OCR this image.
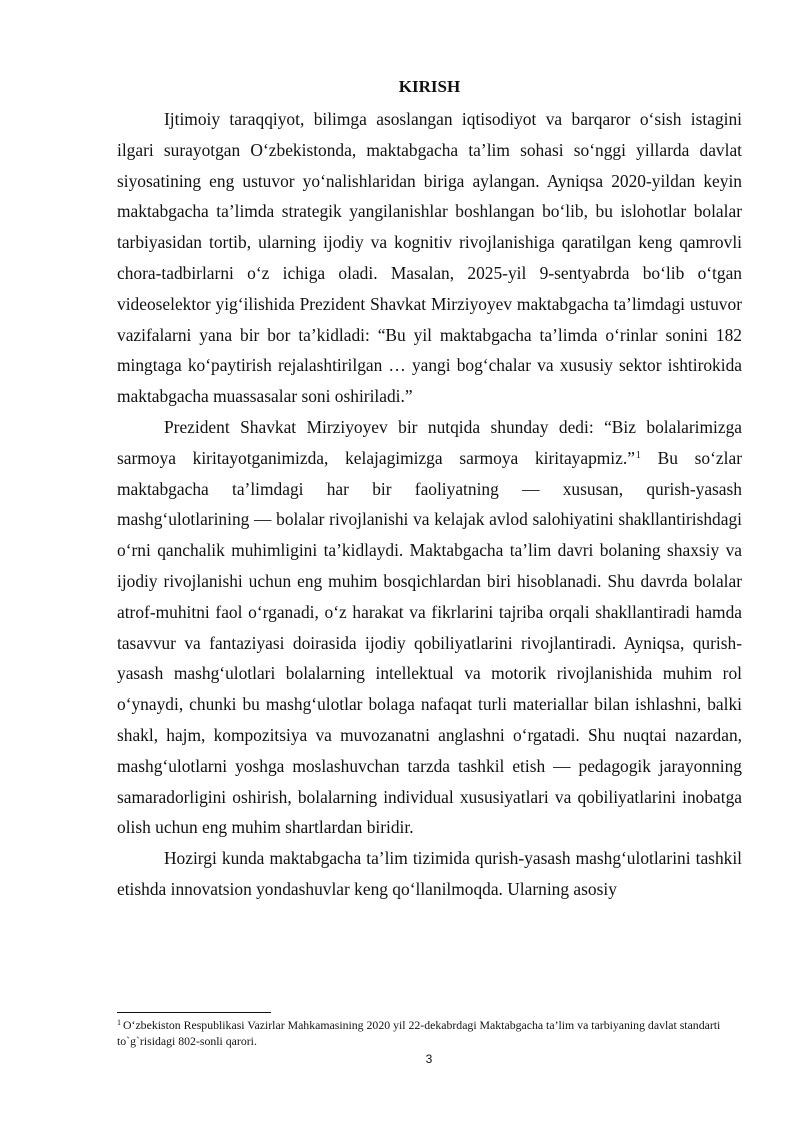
KIRISH

Ijtimoiy taraqqiyot, bilimga asoslangan iqtisodiyot va barqaror o‘sish istagini ilgari surayotgan O‘zbekistonda, maktabgacha ta’lim sohasi so‘nggi yillarda davlat siyosatining eng ustuvor yo‘nalishlaridan biriga aylangan. Ayniqsa 2020-yildan keyin maktabgacha ta’limda strategik yangilanishlar boshlangan bo‘lib, bu islohotlar bolalar tarbiyasidan tortib, ularning ijodiy va kognitiv rivojlanishiga qaratilgan keng qamrovli chora-tadbirlarni o‘z ichiga oladi. Masalan, 2025-yil 9-sentyabrda bo‘lib o‘tgan videoselektor yig‘ilishida Prezident Shavkat Mirziyoyev maktabgacha ta’limdagi ustuvor vazifalarni yana bir bor ta’kidladi: “Bu yil maktabgacha ta’limda o‘rinlar sonini 182 mingtaga ko‘paytirish rejalashtirilgan … yangi bog‘chalar va xususiy sektor ishtirokida maktabgacha muassasalar soni oshiriladi.”

Prezident Shavkat Mirziyoyev bir nutqida shunday dedi: “Biz bolalarimizga sarmoya kiritayotganimizda, kelajagimizga sarmoya kiritayapmiz.”$^1$ Bu so‘zlar maktabgacha ta’limdagi har bir faoliyatning — xususan, qurish-yasash mashg‘ulotlarining — bolalar rivojlanishi va kelajak avlod salohiyatini shakllantirishdagi o‘rni qanchalik muhimligini ta’kidlaydi. Maktabgacha ta’lim davri bolaning shaxsiy va ijodiy rivojlanishi uchun eng muhim bosqichlardan biri hisoblanadi. Shu davrda bolalar atrof-muhitni faol o‘rganadi, o‘z harakat va fikrlarini tajriba orqali shakllantiradi hamda tasavvur va fantaziyasi doirasida ijodiy qobiliyatlarini rivojlantiradi. Ayniqsa, qurish-yasash mashg‘ulotlari bolalarning intellektual va motorik rivojlanishida muhim rol o‘ynaydi, chunki bu mashg‘ulotlar bolaga nafaqat turli materiallar bilan ishlashni, balki shakl, hajm, kompozitsiya va muvozanatni anglashni o‘rgatadi. Shu nuqtai nazardan, mashg‘ulotlarni yoshga moslashuvchan tarzda tashkil etish — pedagogik jarayonning samaradorligini oshirish, bolalarning individual xususiyatlari va qobiliyatlarini inobatga olish uchun eng muhim shartlardan biridir.

Hozirgi kunda maktabgacha ta’lim tizimida qurish-yasash mashg‘ulotlarini tashkil etishda innovatsion yondashuvlar keng qo‘llanilmoqda. Ularning asosiy

$^1$ O‘zbekiston Respublikasi Vazirlar Mahkamasining 2020 yil 22-dekabrdagi Maktabgacha ta’lim va tarbiyaning davlat standarti to`g`risidagi 802-sonli qarori.
3
